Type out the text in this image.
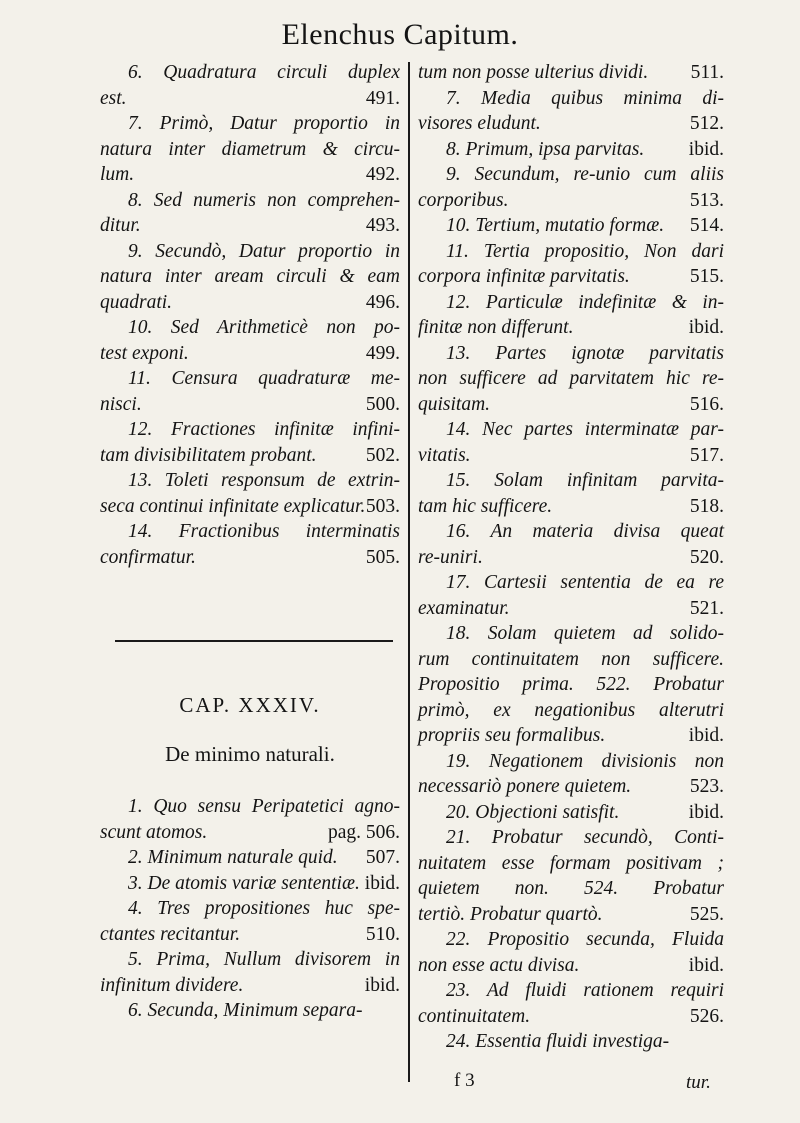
Elenchus Capitum.
6. Quadratura circuli duplex
est.	491.
7. Primò, Datur proportio in
natura inter diametrum & circu-
lum.	492.
8. Sed numeris non comprehen-
ditur.	493.
9. Secundò, Datur proportio in
natura inter aream circuli & eam
quadrati.	496.
10. Sed Arithmeticè non po-
test exponi.	499.
11. Censura quadraturæ me-
nisci.	500.
12. Fractiones infinitæ infini-
tam divisibilitatem probant.	502.
13. Toleti responsum de extrin-
seca continui infinitate explicatur. 503.
14. Fractionibus interminatis
confirmatur.	505.
CAP. XXXIV.
De minimo naturali.
1. Quo sensu Peripatetici agno-
scunt atomos.	pag. 506.
2. Minimum naturale quid. 507.
3. De atomis variæ sententiæ. ibid.
4. Tres propositiones huc spe-
ctantes recitantur.	510.
5. Prima, Nullum divisorem in
infinitum dividere.	ibid.
6. Secunda, Minimum separa-
tum non posse ulterius dividi. 511.
7. Media quibus minima di-
visores eludunt.	512.
8. Primum, ipsa parvitas. ibid.
9. Secundum, re-unio cum aliis
corporibus.	513.
10. Tertium, mutatio formæ. 514.
11. Tertia propositio, Non dari
corpora infinitæ parvitatis.	515.
12. Particulæ indefinitæ & in-
finitæ non differunt.	ibid.
13. Partes ignotæ parvitatis
non sufficere ad parvitatem hic re-
quisitam.	516.
14. Nec partes interminatæ par-
vitatis.	517.
15. Solam infinitam parvita-
tam hic sufficere.	518.
16. An materia divisa queat
re-uniri.	520.
17. Cartesii sententia de ea re
examinatur.	521.
18. Solam quietem ad solido-
rum continuitatem non sufficere.
Propositio prima. 522. Probatur
primò, ex negationibus alterutri
propriis seu formalibus.	ibid.
19. Negationem divisionis non
necessariò ponere quietem.	523.
20. Objectioni satisfit.	ibid.
21. Probatur secundò, Conti-
nuitatem esse formam positivam ;
quietem non. 524. Probatur
tertiò. Probatur quartò.	525.
22. Propositio secunda, Fluida
non esse actu divisa.	ibid.
23. Ad fluidi rationem requiri
continuitatem.	526.
24. Essentia fluidi investiga-
f 3	tur.
